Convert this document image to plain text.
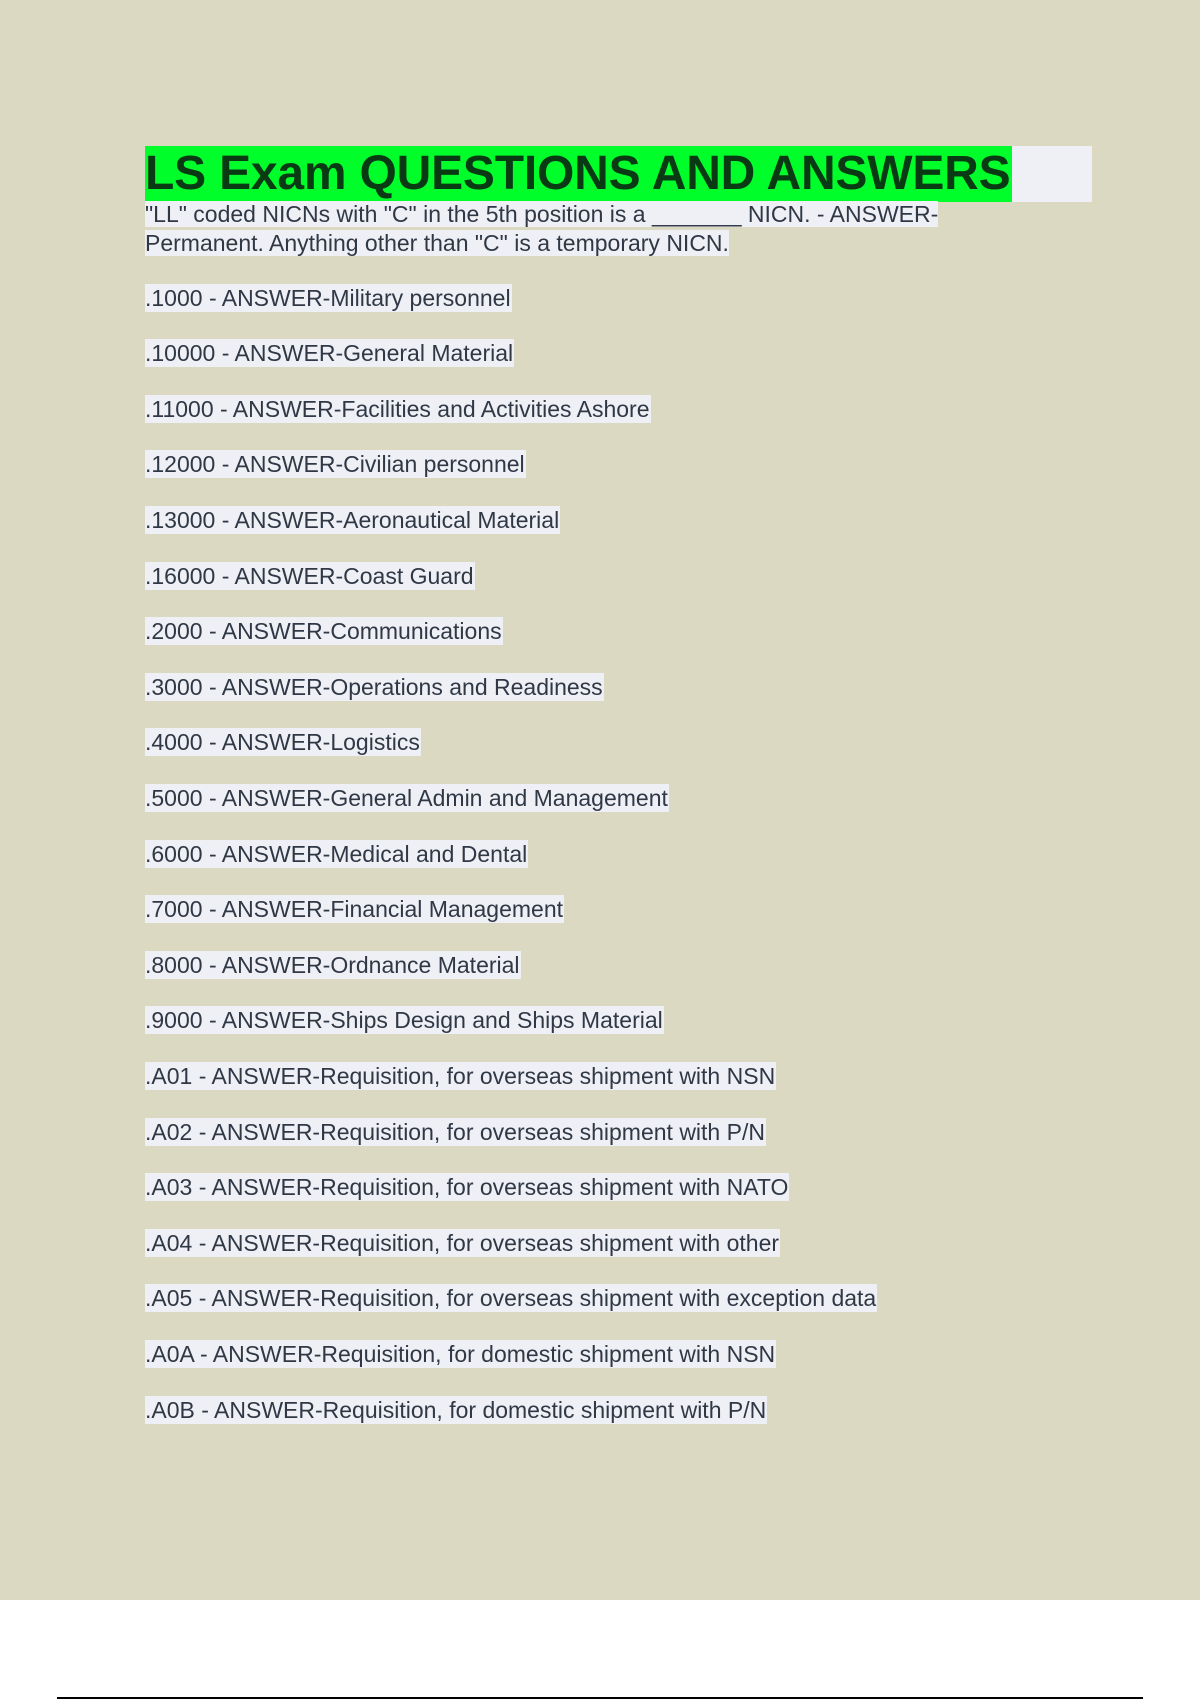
LS Exam QUESTIONS AND ANSWERS
"LL" coded NICNs with "C" in the 5th position is a _______ NICN. - ANSWER-
Permanent. Anything other than "C" is a temporary NICN.
.1000 - ANSWER-Military personnel
.10000 - ANSWER-General Material
.11000 - ANSWER-Facilities and Activities Ashore
.12000 - ANSWER-Civilian personnel
.13000 - ANSWER-Aeronautical Material
.16000 - ANSWER-Coast Guard
.2000 - ANSWER-Communications
.3000 - ANSWER-Operations and Readiness
.4000 - ANSWER-Logistics
.5000 - ANSWER-General Admin and Management
.6000 - ANSWER-Medical and Dental
.7000 - ANSWER-Financial Management
.8000 - ANSWER-Ordnance Material
.9000 - ANSWER-Ships Design and Ships Material
.A01 - ANSWER-Requisition, for overseas shipment with NSN
.A02 - ANSWER-Requisition, for overseas shipment with P/N
.A03 - ANSWER-Requisition, for overseas shipment with NATO
.A04 - ANSWER-Requisition, for overseas shipment with other
.A05 - ANSWER-Requisition, for overseas shipment with exception data
.A0A - ANSWER-Requisition, for domestic shipment with NSN
.A0B - ANSWER-Requisition, for domestic shipment with P/N
